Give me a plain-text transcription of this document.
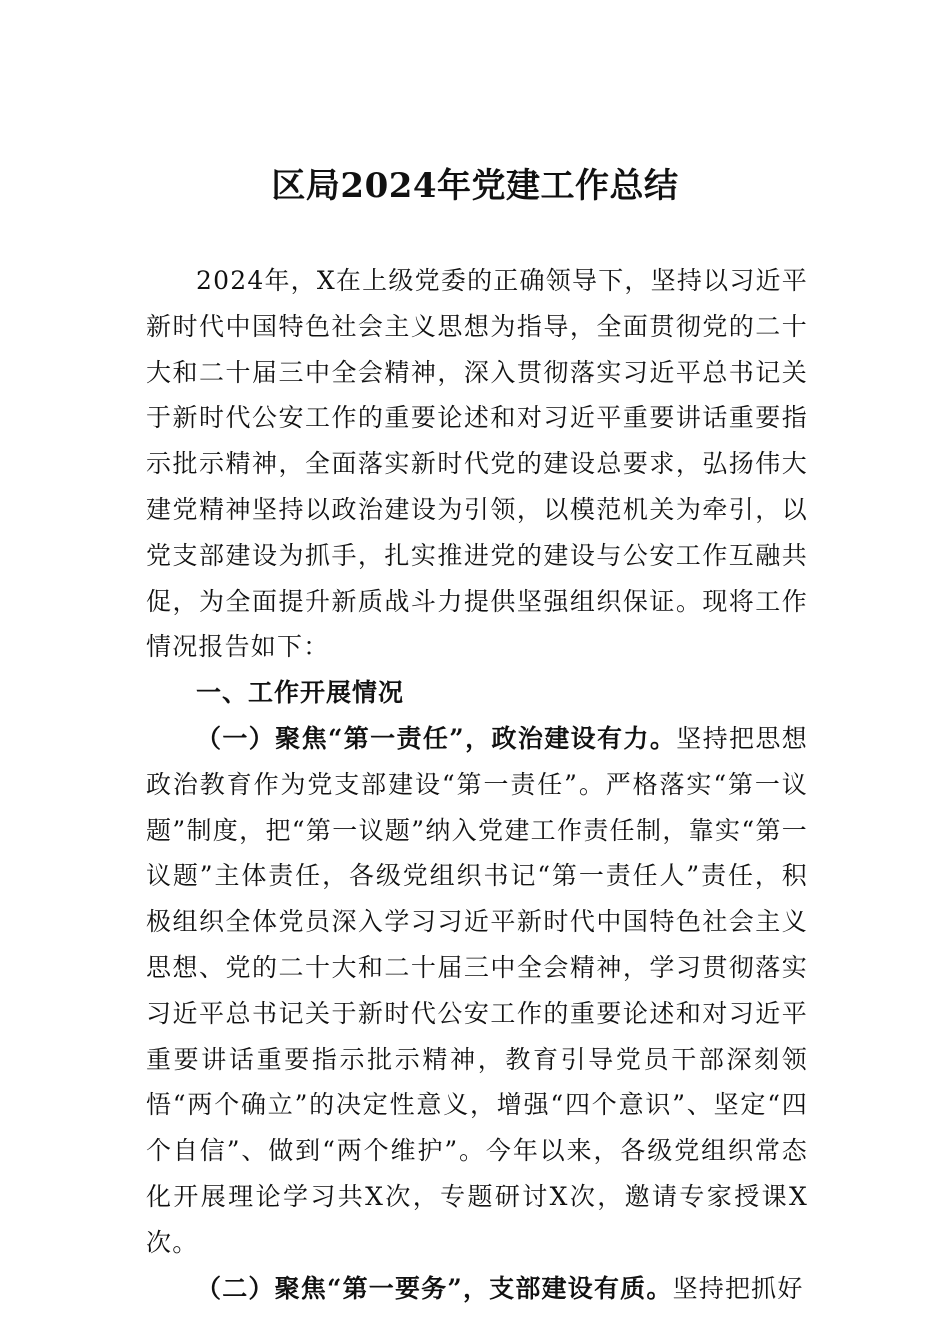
区局2024年党建工作总结

2024年，X在上级党委的正确领导下，坚持以习近平新时代中国特色社会主义思想为指导，全面贯彻党的二十大和二十届三中全会精神，深入贯彻落实习近平总书记关于新时代公安工作的重要论述和对习近平重要讲话重要指示批示精神，全面落实新时代党的建设总要求，弘扬伟大建党精神坚持以政治建设为引领，以模范机关为牵引，以党支部建设为抓手，扎实推进党的建设与公安工作互融共促，为全面提升新质战斗力提供坚强组织保证。现将工作情况报告如下：

一、工作开展情况

（一）聚焦“第一责任”，政治建设有力。坚持把思想政治教育作为党支部建设“第一责任”。严格落实“第一议题”制度，把“第一议题”纳入党建工作责任制，靠实“第一议题”主体责任，各级党组织书记“第一责任人”责任，积极组织全体党员深入学习习近平新时代中国特色社会主义思想、党的二十大和二十届三中全会精神，学习贯彻落实习近平总书记关于新时代公安工作的重要论述和对习近平重要讲话重要指示批示精神，教育引导党员干部深刻领悟“两个确立”的决定性意义，增强“四个意识”、坚定“四个自信”、做到“两个维护”。今年以来，各级党组织常态化开展理论学习共X次，专题研讨X次，邀请专家授课X次。

（二）聚焦“第一要务”，支部建设有质。坚持把抓好
